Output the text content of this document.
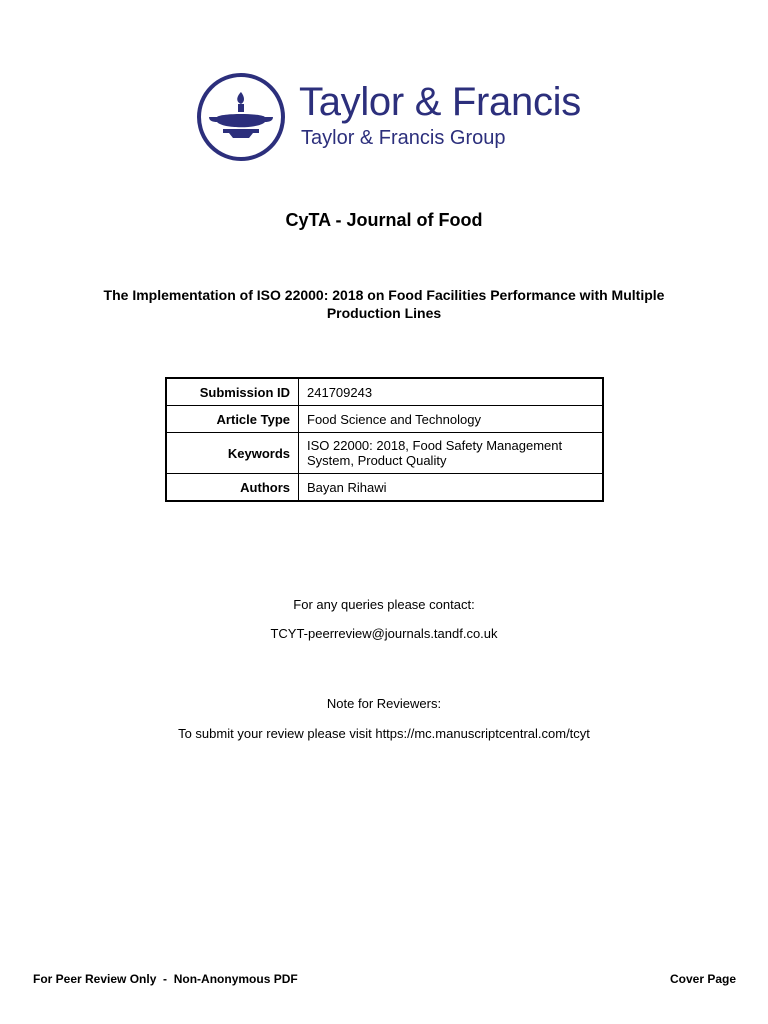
Taylor & Francis
Taylor & Francis Group
CyTA - Journal of Food
The Implementation of ISO 22000: 2018 on Food Facilities Performance with Multiple Production Lines
Submission ID	241709243
Article Type	Food Science and Technology
Keywords	ISO 22000: 2018, Food Safety Management System, Product Quality
Authors	Bayan Rihawi
For any queries please contact:
TCYT-peerreview@journals.tandf.co.uk
Note for Reviewers:
To submit your review please visit https://mc.manuscriptcentral.com/tcyt
For Peer Review Only  -  Non-Anonymous PDF	Cover Page
